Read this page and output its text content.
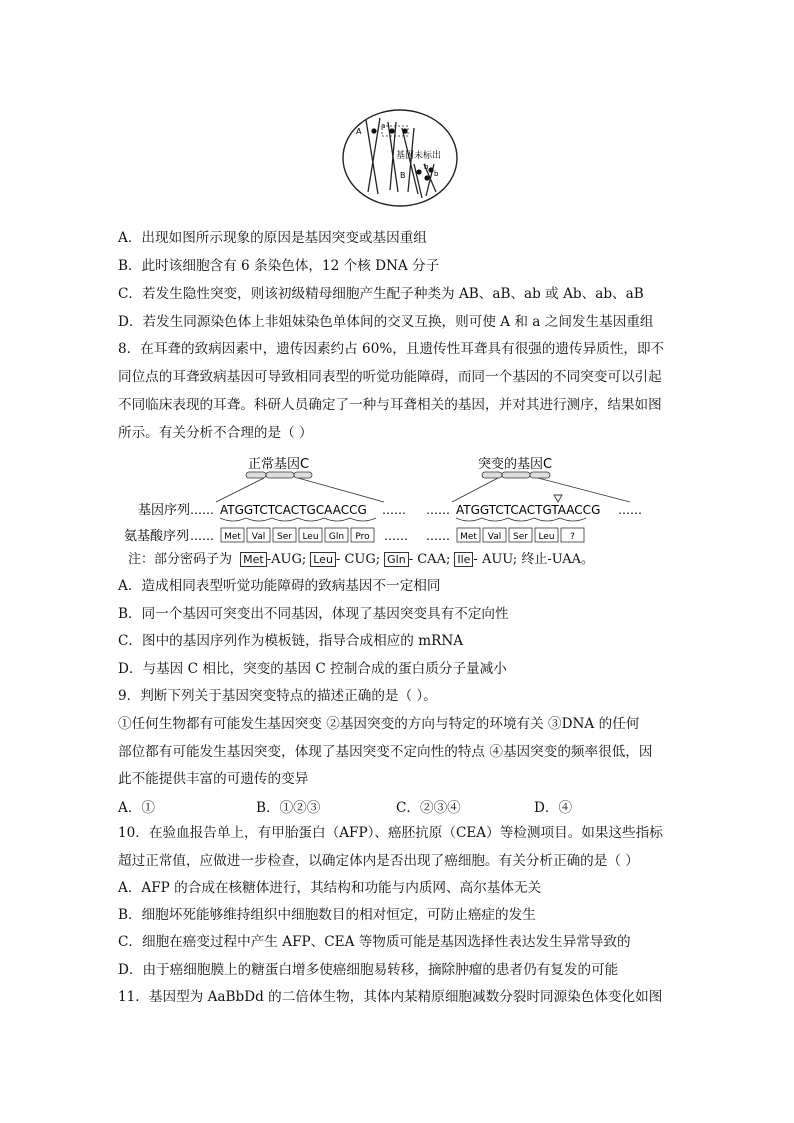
A
a
基因未标出
b
b
B
A．出现如图所示现象的原因是基因突变或基因重组
B．此时该细胞含有 6 条染色体，12 个核 DNA 分子
C．若发生隐性突变，则该初级精母细胞产生配子种类为 AB、aB、ab 或 Ab、ab、aB
D．若发生同源染色体上非姐妹染色单体间的交叉互换，则可使 A 和 a 之间发生基因重组
8．在耳聋的致病因素中，遗传因素约占 60%，且遗传性耳聋具有很强的遗传异质性，即不
同位点的耳聋致病基因可导致相同表型的听觉功能障碍，而同一个基因的不同突变可以引起
不同临床表现的耳聋。科研人员确定了一种与耳聋相关的基因，并对其进行测序，结果如图
所示。有关分析不合理的是（ ）
正常基因C	突变的基因C
基因序列
氨基酸序列
……
……
ATGGTCTCACTGCAACCG …… …… ATGGTCTCACTGTAACCG ……
Met Val Ser Leu Gln Pro	Met Val Ser Leu ?
…… ……
注：部分密码子为 Met -AUG; Leu - CUG; Gln - CAA; Ile - AUU; 终止-UAA。
A．造成相同表型听觉功能障碍的致病基因不一定相同
B．同一个基因可突变出不同基因，体现了基因突变具有不定向性
C．图中的基因序列作为模板链，指导合成相应的 mRNA
D．与基因 C 相比，突变的基因 C 控制合成的蛋白质分子量减小
9．判断下列关于基因突变特点的描述正确的是（ ）。
①任何生物都有可能发生基因突变 ②基因突变的方向与特定的环境有关 ③DNA 的任何
部位都有可能发生基因突变，体现了基因突变不定向性的特点 ④基因突变的频率很低，因
此不能提供丰富的可遗传的变异
A．①	B．①②③	C．②③④	D．④
10．在验血报告单上，有甲胎蛋白（AFP）、癌胚抗原（CEA）等检测项目。如果这些指标
超过正常值，应做进一步检查，以确定体内是否出现了癌细胞。有关分析正确的是（ ）
A．AFP 的合成在核糖体进行，其结构和功能与内质网、高尔基体无关
B．细胞坏死能够维持组织中细胞数目的相对恒定，可防止癌症的发生
C．细胞在癌变过程中产生 AFP、CEA 等物质可能是基因选择性表达发生异常导致的
D．由于癌细胞膜上的糖蛋白增多使癌细胞易转移，摘除肿瘤的患者仍有复发的可能
11．基因型为 AaBbDd 的二倍体生物，其体内某精原细胞减数分裂时同源染色体变化如图
